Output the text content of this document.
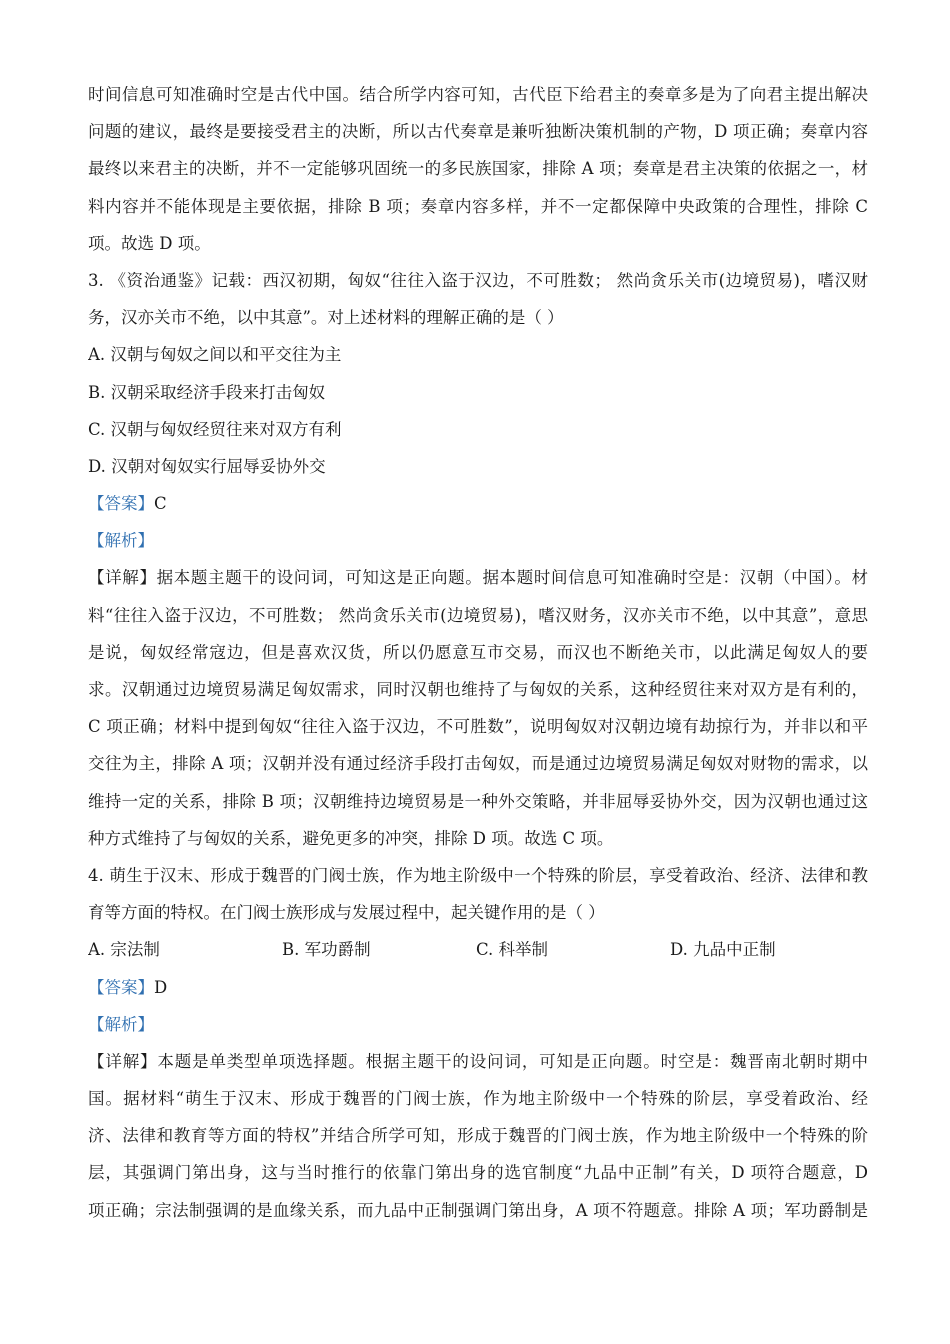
时间信息可知准确时空是古代中国。结合所学内容可知，古代臣下给君主的奏章多是为了向君主提出解决
问题的建议，最终是要接受君主的决断，所以古代奏章是兼听独断决策机制的产物，D 项正确；奏章内容
最终以来君主的决断，并不一定能够巩固统一的多民族国家，排除 A 项；奏章是君主决策的依据之一，材
料内容并不能体现是主要依据，排除 B 项；奏章内容多样，并不一定都保障中央政策的合理性，排除 C
项。故选 D 项。
3. 《资治通鉴》记载：西汉初期，匈奴“往往入盗于汉边，不可胜数； 然尚贪乐关市(边境贸易)，嗜汉财
务，汉亦关市不绝，以中其意”。对上述材料的理解正确的是（ ）
A. 汉朝与匈奴之间以和平交往为主
B. 汉朝采取经济手段来打击匈奴
C. 汉朝与匈奴经贸往来对双方有利
D. 汉朝对匈奴实行屈辱妥协外交
【答案】C
【解析】
【详解】据本题主题干的设问词，可知这是正向题。据本题时间信息可知准确时空是：汉朝（中国）。材
料“往往入盗于汉边，不可胜数； 然尚贪乐关市(边境贸易)，嗜汉财务，汉亦关市不绝，以中其意”，意思
是说，匈奴经常寇边，但是喜欢汉货，所以仍愿意互市交易，而汉也不断绝关市，以此满足匈奴人的要
求。汉朝通过边境贸易满足匈奴需求，同时汉朝也维持了与匈奴的关系，这种经贸往来对双方是有利的，
C 项正确；材料中提到匈奴“往往入盗于汉边，不可胜数”，说明匈奴对汉朝边境有劫掠行为，并非以和平
交往为主，排除 A 项；汉朝并没有通过经济手段打击匈奴，而是通过边境贸易满足匈奴对财物的需求，以
维持一定的关系，排除 B 项；汉朝维持边境贸易是一种外交策略，并非屈辱妥协外交，因为汉朝也通过这
种方式维持了与匈奴的关系，避免更多的冲突，排除 D 项。故选 C 项。
4. 萌生于汉末、形成于魏晋的门阀士族，作为地主阶级中一个特殊的阶层，享受着政治、经济、法律和教
育等方面的特权。在门阀士族形成与发展过程中，起关键作用的是（ ）
A. 宗法制	B. 军功爵制	C. 科举制	D. 九品中正制
【答案】D
【解析】
【详解】本题是单类型单项选择题。根据主题干的设问词，可知是正向题。时空是：魏晋南北朝时期中
国。据材料“萌生于汉末、形成于魏晋的门阀士族，作为地主阶级中一个特殊的阶层，享受着政治、经
济、法律和教育等方面的特权”并结合所学可知，形成于魏晋的门阀士族，作为地主阶级中一个特殊的阶
层，其强调门第出身，这与当时推行的依靠门第出身的选官制度“九品中正制”有关，D 项符合题意，D
项正确；宗法制强调的是血缘关系，而九品中正制强调门第出身，A 项不符题意。排除 A 项；军功爵制是
